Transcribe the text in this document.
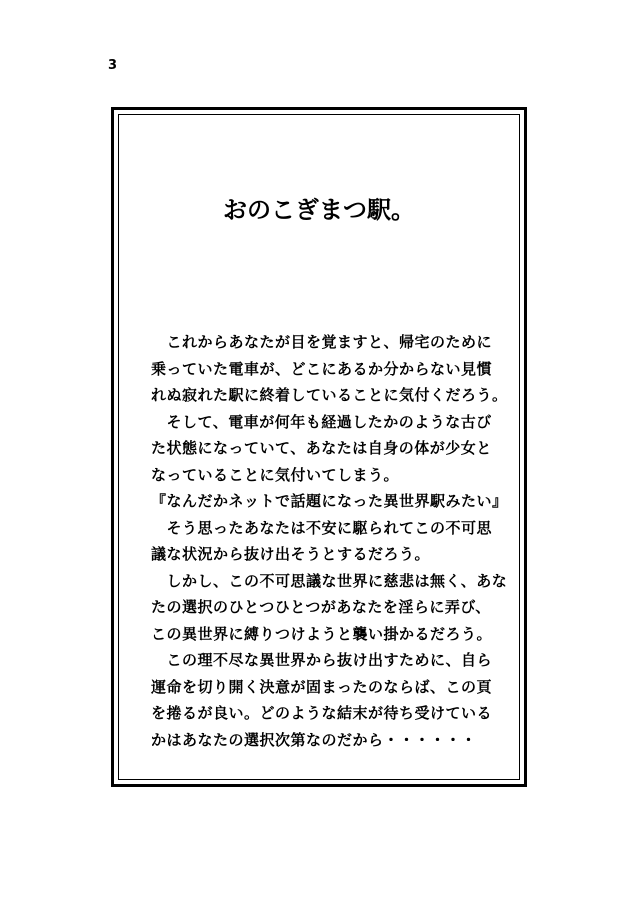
3
おのこぎまつ駅。
　これからあなたが目を覚ますと、帰宅のために
乗っていた電車が、どこにあるか分からない見慣
れぬ寂れた駅に終着していることに気付くだろう。
　そして、電車が何年も経過したかのような古び
た状態になっていて、あなたは自身の体が少女と
なっていることに気付いてしまう。
『なんだかネットで話題になった異世界駅みたい』
　そう思ったあなたは不安に駆られてこの不可思
議な状況から抜け出そうとするだろう。
　しかし、この不可思議な世界に慈悲は無く、あな
たの選択のひとつひとつがあなたを淫らに弄び、
この異世界に縛りつけようと襲い掛かるだろう。
　この理不尽な異世界から抜け出すために、自ら
運命を切り開く決意が固まったのならば、この頁
を捲るが良い。どのような結末が待ち受けている
かはあなたの選択次第なのだから・・・・・・
